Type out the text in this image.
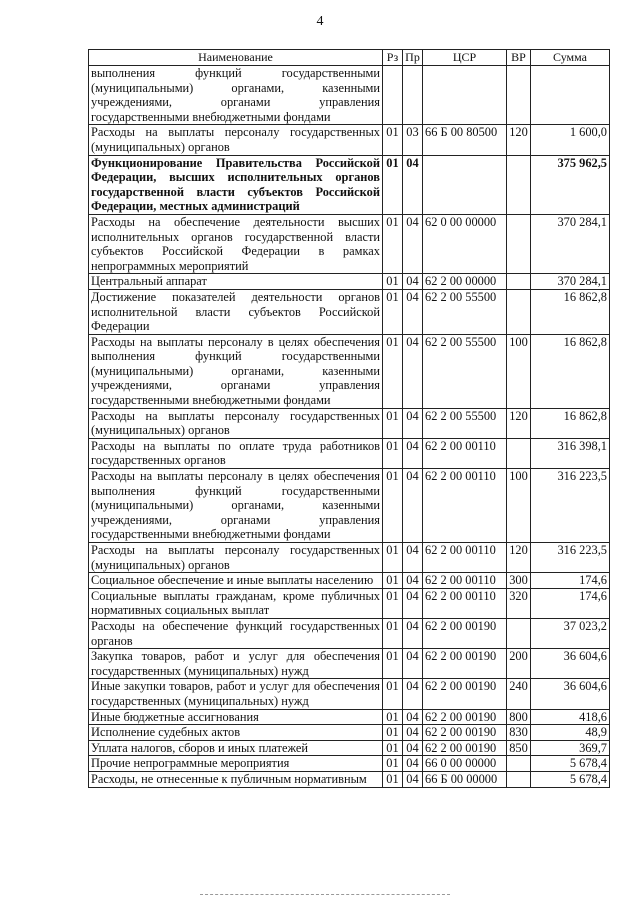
4
Наименование	Рз	Пр	ЦСР	ВР	Сумма
выполнения функций государственными (муниципальными) органами, казенными учреждениями, органами управления государственными внебюджетными фондами					
Расходы на выплаты персоналу государственных (муниципальных) органов	01	03	66 Б 00 80500	120	1 600,0
Функционирование Правительства Российской Федерации, высших исполнительных органов государственной власти субъектов Российской Федерации, местных администраций	01	04			375 962,5
Расходы на обеспечение деятельности высших исполнительных органов государственной власти субъектов Российской Федерации в рамках непрограммных мероприятий	01	04	62 0 00 00000		370 284,1
Центральный аппарат	01	04	62 2 00 00000		370 284,1
Достижение показателей деятельности органов исполнительной власти субъектов Российской Федерации	01	04	62 2 00 55500		16 862,8
Расходы на выплаты персоналу в целях обеспечения выполнения функций государственными (муниципальными) органами, казенными учреждениями, органами управления государственными внебюджетными фондами	01	04	62 2 00 55500	100	16 862,8
Расходы на выплаты персоналу государственных (муниципальных) органов	01	04	62 2 00 55500	120	16 862,8
Расходы на выплаты по оплате труда работников государственных органов	01	04	62 2 00 00110		316 398,1
Расходы на выплаты персоналу в целях обеспечения выполнения функций государственными (муниципальными) органами, казенными учреждениями, органами управления государственными внебюджетными фондами	01	04	62 2 00 00110	100	316 223,5
Расходы на выплаты персоналу государственных (муниципальных) органов	01	04	62 2 00 00110	120	316 223,5
Социальное обеспечение и иные выплаты населению	01	04	62 2 00 00110	300	174,6
Социальные выплаты гражданам, кроме публичных нормативных социальных выплат	01	04	62 2 00 00110	320	174,6
Расходы на обеспечение функций государственных органов	01	04	62 2 00 00190		37 023,2
Закупка товаров, работ и услуг для обеспечения государственных (муниципальных) нужд	01	04	62 2 00 00190	200	36 604,6
Иные закупки товаров, работ и услуг для обеспечения государственных (муниципальных) нужд	01	04	62 2 00 00190	240	36 604,6
Иные бюджетные ассигнования	01	04	62 2 00 00190	800	418,6
Исполнение судебных актов	01	04	62 2 00 00190	830	48,9
Уплата налогов, сборов и иных платежей	01	04	62 2 00 00190	850	369,7
Прочие непрограммные мероприятия	01	04	66 0 00 00000		5 678,4
Расходы, не отнесенные к публичным нормативным	01	04	66 Б 00 00000		5 678,4
